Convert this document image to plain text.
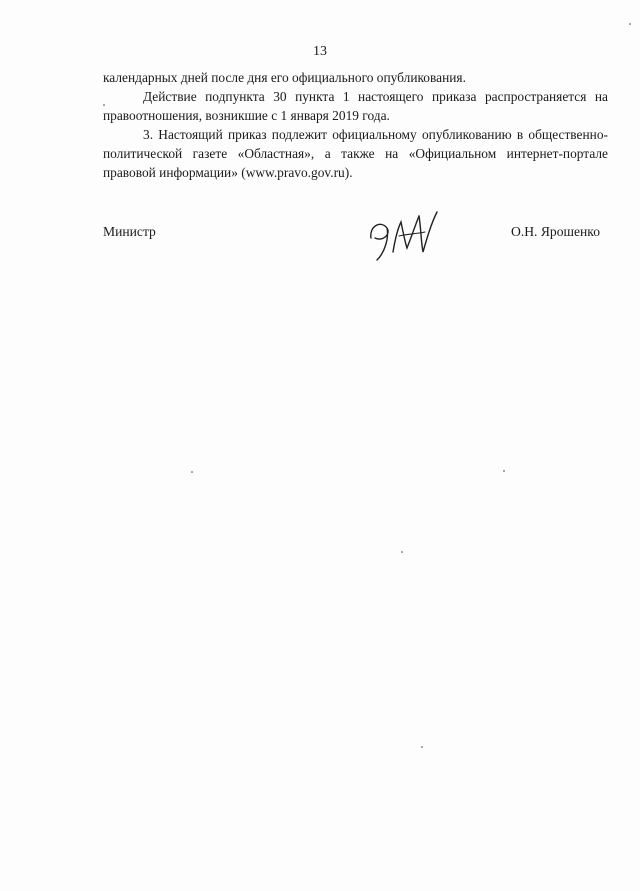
13

календарных дней после дня его официального опубликования.

Действие подпункта 30 пункта 1 настоящего приказа распространяется на правоотношения, возникшие с 1 января 2019 года.

3. Настоящий приказ подлежит официальному опубликованию в общественно-политической газете «Областная», а также на «Официальном интернет-портале правовой информации» (www.pravo.gov.ru).

Министр	О.Н. Ярошенко
